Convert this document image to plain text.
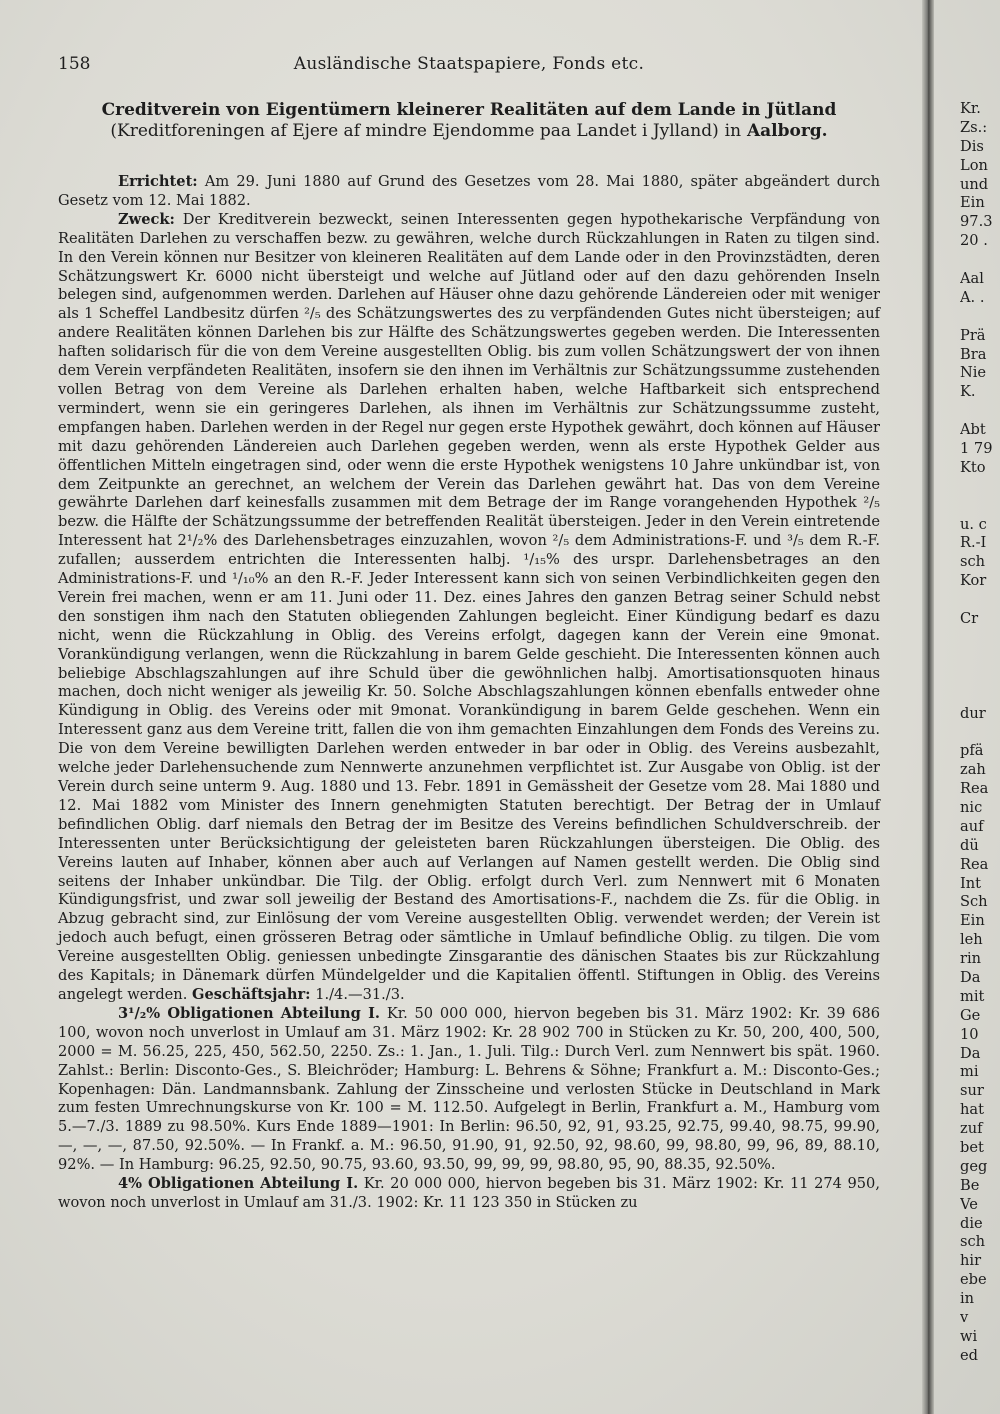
158	Ausländische Staatspapiere, Fonds etc.
Creditverein von Eigentümern kleinerer Realitäten auf dem Lande in Jütland (Kreditforeningen af Ejere af mindre Ejendomme paa Landet i Jylland) in Aalborg.

Errichtet: Am 29. Juni 1880 auf Grund des Gesetzes vom 28. Mai 1880, später abgeändert durch Gesetz vom 12. Mai 1882.

Zweck: Der Kreditverein bezweckt, seinen Interessenten gegen hypothekarische Verpfändung von Realitäten Darlehen zu verschaffen bezw. zu gewähren, welche durch Rückzahlungen in Raten zu tilgen sind. In den Verein können nur Besitzer von kleineren Realitäten auf dem Lande oder in den Provinzstädten, deren Schätzungswert Kr. 6000 nicht übersteigt und welche auf Jütland oder auf den dazu gehörenden Inseln belegen sind, aufgenommen werden. Darlehen auf Häuser ohne dazu gehörende Ländereien oder mit weniger als 1 Scheffel Landbesitz dürfen ²/₅ des Schätzungswertes des zu verpfändenden Gutes nicht übersteigen; auf andere Realitäten können Darlehen bis zur Hälfte des Schätzungswertes gegeben werden. Die Interessenten haften solidarisch für die von dem Vereine ausgestellten Oblig. bis zum vollen Schätzungswert der von ihnen dem Verein verpfändeten Realitäten, insofern sie den ihnen im Verhältnis zur Schätzungssumme zustehenden vollen Betrag von dem Vereine als Darlehen erhalten haben, welche Haftbarkeit sich entsprechend vermindert, wenn sie ein geringeres Darlehen, als ihnen im Verhältnis zur Schätzungssumme zusteht, empfangen haben. Darlehen werden in der Regel nur gegen erste Hypothek gewährt, doch können auf Häuser mit dazu gehörenden Ländereien auch Darlehen gegeben werden, wenn als erste Hypothek Gelder aus öffentlichen Mitteln eingetragen sind, oder wenn die erste Hypothek wenigstens 10 Jahre unkündbar ist, von dem Zeitpunkte an gerechnet, an welchem der Verein das Darlehen gewährt hat. Das von dem Vereine gewährte Darlehen darf keinesfalls zusammen mit dem Betrage der im Range vorangehenden Hypothek ²/₅ bezw. die Hälfte der Schätzungssumme der betreffenden Realität übersteigen. Jeder in den Verein eintretende Interessent hat 2¹/₂% des Darlehensbetrages einzuzahlen, wovon ²/₅ dem Administrations-F. und ³/₅ dem R.-F. zufallen; ausserdem entrichten die Interessenten halbj. ¹/₁₅% des urspr. Darlehensbetrages an den Administrations-F. und ¹/₁₀% an den R.-F. Jeder Interessent kann sich von seinen Verbindlichkeiten gegen den Verein frei machen, wenn er am 11. Juni oder 11. Dez. eines Jahres den ganzen Betrag seiner Schuld nebst den sonstigen ihm nach den Statuten obliegenden Zahlungen begleicht. Einer Kündigung bedarf es dazu nicht, wenn die Rückzahlung in Oblig. des Vereins erfolgt, dagegen kann der Verein eine 9monat. Vorankündigung verlangen, wenn die Rückzahlung in barem Gelde geschieht. Die Interessenten können auch beliebige Abschlagszahlungen auf ihre Schuld über die gewöhnlichen halbj. Amortisationsquoten hinaus machen, doch nicht weniger als jeweilig Kr. 50. Solche Abschlagszahlungen können ebenfalls entweder ohne Kündigung in Oblig. des Vereins oder mit 9monat. Vorankündigung in barem Gelde geschehen. Wenn ein Interessent ganz aus dem Vereine tritt, fallen die von ihm gemachten Einzahlungen dem Fonds des Vereins zu. Die von dem Vereine bewilligten Darlehen werden entweder in bar oder in Oblig. des Vereins ausbezahlt, welche jeder Darlehensuchende zum Nennwerte anzunehmen verpflichtet ist. Zur Ausgabe von Oblig. ist der Verein durch seine unterm 9. Aug. 1880 und 13. Febr. 1891 in Gemässheit der Gesetze vom 28. Mai 1880 und 12. Mai 1882 vom Minister des Innern genehmigten Statuten berechtigt. Der Betrag der in Umlauf befindlichen Oblig. darf niemals den Betrag der im Besitze des Vereins befindlichen Schuldverschreib. der Interessenten unter Berücksichtigung der geleisteten baren Rückzahlungen übersteigen. Die Oblig. des Vereins lauten auf Inhaber, können aber auch auf Verlangen auf Namen gestellt werden. Die Oblig sind seitens der Inhaber unkündbar. Die Tilg. der Oblig. erfolgt durch Verl. zum Nennwert mit 6 Monaten Kündigungsfrist, und zwar soll jeweilig der Bestand des Amortisations-F., nachdem die Zs. für die Oblig. in Abzug gebracht sind, zur Einlösung der vom Vereine ausgestellten Oblig. verwendet werden; der Verein ist jedoch auch befugt, einen grösseren Betrag oder sämtliche in Umlauf befindliche Oblig. zu tilgen. Die vom Vereine ausgestellten Oblig. geniessen unbedingte Zinsgarantie des dänischen Staates bis zur Rückzahlung des Kapitals; in Dänemark dürfen Mündelgelder und die Kapitalien öffentl. Stiftungen in Oblig. des Vereins angelegt werden. Geschäftsjahr: 1./4.—31./3.

3¹/₂% Obligationen Abteilung I. Kr. 50 000 000, hiervon begeben bis 31. März 1902: Kr. 39 686 100, wovon noch unverlost in Umlauf am 31. März 1902: Kr. 28 902 700 in Stücken zu Kr. 50, 200, 400, 500, 2000 = M. 56.25, 225, 450, 562.50, 2250. Zs.: 1. Jan., 1. Juli. Tilg.: Durch Verl. zum Nennwert bis spät. 1960. Zahlst.: Berlin: Disconto-Ges., S. Bleichröder; Hamburg: L. Behrens & Söhne; Frankfurt a. M.: Disconto-Ges.; Kopenhagen: Dän. Landmannsbank. Zahlung der Zinsscheine und verlosten Stücke in Deutschland in Mark zum festen Umrechnungskurse von Kr. 100 = M. 112.50. Aufgelegt in Berlin, Frankfurt a. M., Hamburg vom 5.—7./3. 1889 zu 98.50%. Kurs Ende 1889—1901: In Berlin: 96.50, 92, 91, 93.25, 92.75, 99.40, 98.75, 99.90, —, —, —, 87.50, 92.50%. — In Frankf. a. M.: 96.50, 91.90, 91, 92.50, 92, 98.60, 99, 98.80, 99, 96, 89, 88.10, 92%. — In Hamburg: 96.25, 92.50, 90.75, 93.60, 93.50, 99, 99, 99, 98.80, 95, 90, 88.35, 92.50%.

4% Obligationen Abteilung I. Kr. 20 000 000, hiervon begeben bis 31. März 1902: Kr. 11 274 950, wovon noch unverlost in Umlauf am 31./3. 1902: Kr. 11 123 350 in Stücken zu

Kr.
Zs.:
Dis
Lon
und
Ein
97.3
20 .
Aal
A. .
Prä
Bra
Nie
K.
Abt
1 79
Kto
u. c
R.-I
sch
Kor
Cr
dur
pfä
zah
Rea
nic
auf
dü
Rea
Int
Sch
Ein
leh
rin
Da
mit
Ge
10
Da
mi
sur
hat
zuf
bet
geg
Be
Ve
die
sch
hir
ebe
in
v
wi
ed
